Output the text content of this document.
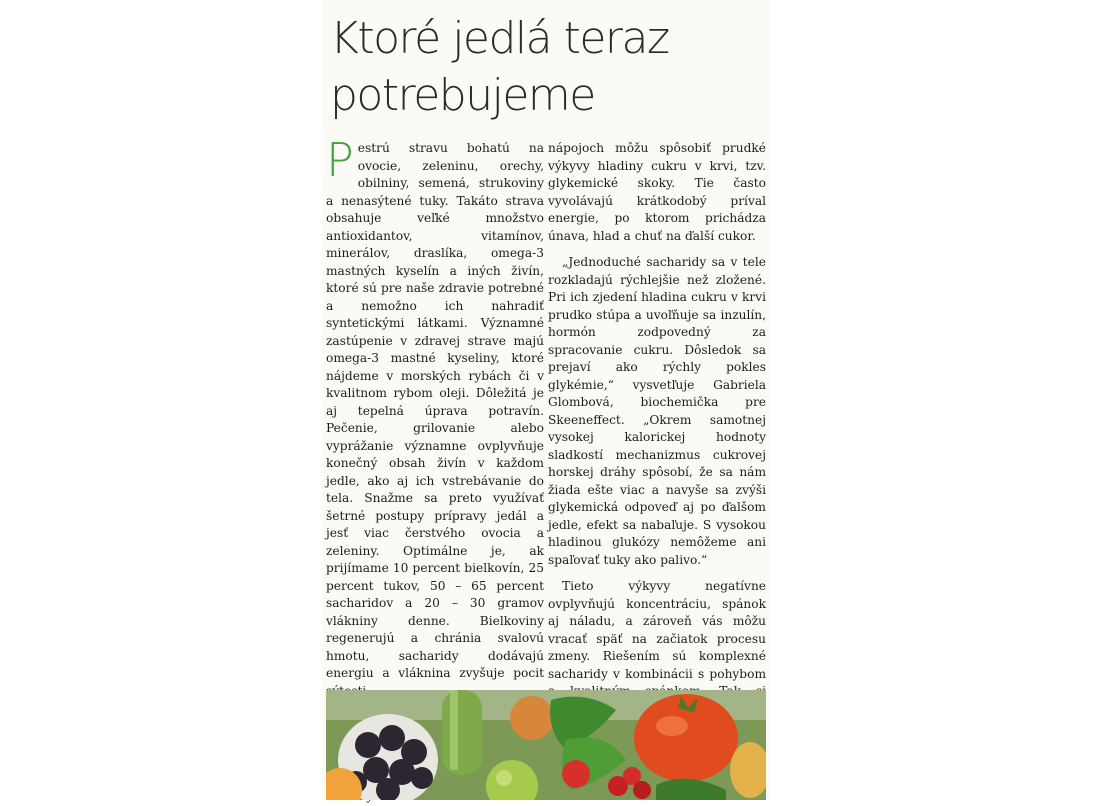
Ktoré jedlá teraz potrebujeme

Pestrú stravu bohatú na ovocie, zeleninu, orechy, obilniny, semená, strukoviny a nenasýtené tuky. Takáto strava obsahuje veľké množstvo antioxidantov, vitamínov, minerálov, draslíka, omega-3 mastných kyselín a iných živín, ktoré sú pre naše zdravie potrebné a nemožno ich nahradiť syntetickými látkami. Významné zastúpenie v zdravej strave majú omega-3 mastné kyseliny, ktoré nájdeme v morských rybách či v kvalitnom rybom oleji. Dôležitá je aj tepelná úprava potravín. Pečenie, grilovanie alebo vyprážanie významne ovplyvňuje konečný obsah živín v každom jedle, ako aj ich vstrebávanie do tela. Snažme sa preto využívať šetrné postupy prípravy jedál a jesť viac čerstvého ovocia a zeleniny. Optimálne je, ak prijímame 10 percent bielkovín, 25 percent tukov, 50 – 65 percent sacharidov a 20 – 30 gramov vlákniny denne. Bielkoviny regenerujú a chránia svalovú hmotu, sacharidy dodávajú energiu a vláknina zvyšuje pocit

nápojoch môžu spôsobiť prudké výkyvy hladiny cukru v krvi, tzv. glykemické skoky. Tie často vyvolávajú krátkodobý príval energie, po ktorom prichádza únava, hlad a chuť na ďalší cukor.

„Jednoduché sacharidy sa v tele rozkladajú rýchlejšie než zložené. Pri ich zjedení hladina cukru v krvi prudko stúpa a uvoľňuje sa inzulín, hormón zodpovedný za spracovanie cukru. Dôsledok sa prejaví ako rýchly pokles glykémie,“ vysvetľuje Gabriela Glombová, biochemička pre Skeeneffect. „Okrem samotnej vysokej kalorickej hodnoty sladkostí mechanizmus cukrovej horskej dráhy spôsobí, že sa nám žiada ešte viac a navyše sa zvýši glykemická odpoveď aj po ďalšom jedle, efekt sa nabaľuje. S vysokou hladinou glukózy nemôžeme ani spaľovať tuky ako palivo.“

Tieto výkyvy negatívne ovplyvňujú koncentráciu, spánok aj náladu, a zároveň vás môžu vracať späť na začiatok procesu zmeny. Riešením sú komplexné sacharidy v kombinácii s pohybom
